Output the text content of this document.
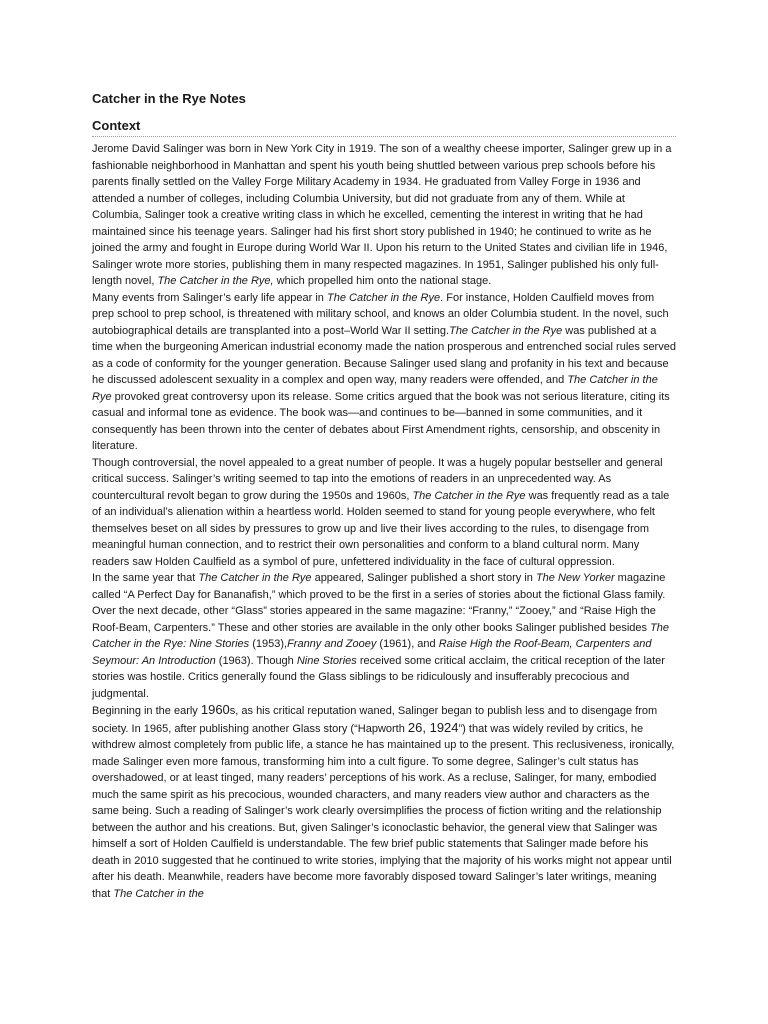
Catcher in the Rye Notes
Context

Jerome David Salinger was born in New York City in 1919. The son of a wealthy cheese importer, Salinger grew up in a fashionable neighborhood in Manhattan and spent his youth being shuttled between various prep schools before his parents finally settled on the Valley Forge Military Academy in 1934. He graduated from Valley Forge in 1936 and attended a number of colleges, including Columbia University, but did not graduate from any of them. While at Columbia, Salinger took a creative writing class in which he excelled, cementing the interest in writing that he had maintained since his teenage years. Salinger had his first short story published in 1940; he continued to write as he joined the army and fought in Europe during World War II. Upon his return to the United States and civilian life in 1946, Salinger wrote more stories, publishing them in many respected magazines. In 1951, Salinger published his only full-length novel, The Catcher in the Rye, which propelled him onto the national stage.

Many events from Salinger’s early life appear in The Catcher in the Rye. For instance, Holden Caulfield moves from prep school to prep school, is threatened with military school, and knows an older Columbia student. In the novel, such autobiographical details are transplanted into a post–World War II setting.The Catcher in the Rye was published at a time when the burgeoning American industrial economy made the nation prosperous and entrenched social rules served as a code of conformity for the younger generation. Because Salinger used slang and profanity in his text and because he discussed adolescent sexuality in a complex and open way, many readers were offended, and The Catcher in the Rye provoked great controversy upon its release. Some critics argued that the book was not serious literature, citing its casual and informal tone as evidence. The book was—and continues to be—banned in some communities, and it consequently has been thrown into the center of debates about First Amendment rights, censorship, and obscenity in literature.

Though controversial, the novel appealed to a great number of people. It was a hugely popular bestseller and general critical success. Salinger’s writing seemed to tap into the emotions of readers in an unprecedented way. As countercultural revolt began to grow during the 1950s and 1960s, The Catcher in the Rye was frequently read as a tale of an individual’s alienation within a heartless world. Holden seemed to stand for young people everywhere, who felt themselves beset on all sides by pressures to grow up and live their lives according to the rules, to disengage from meaningful human connection, and to restrict their own personalities and conform to a bland cultural norm. Many readers saw Holden Caulfield as a symbol of pure, unfettered individuality in the face of cultural oppression.

In the same year that The Catcher in the Rye appeared, Salinger published a short story in The New Yorker magazine called “A Perfect Day for Bananafish,” which proved to be the first in a series of stories about the fictional Glass family. Over the next decade, other “Glass” stories appeared in the same magazine: “Franny,” “Zooey,” and “Raise High the Roof-Beam, Carpenters.” These and other stories are available in the only other books Salinger published besides The Catcher in the Rye: Nine Stories (1953),Franny and Zooey (1961), and Raise High the Roof-Beam, Carpenters and Seymour: An Introduction (1963). Though Nine Stories received some critical acclaim, the critical reception of the later stories was hostile. Critics generally found the Glass siblings to be ridiculously and insufferably precocious and judgmental.

Beginning in the early 1960s, as his critical reputation waned, Salinger began to publish less and to disengage from society. In 1965, after publishing another Glass story (“Hapworth 26, 1924”) that was widely reviled by critics, he withdrew almost completely from public life, a stance he has maintained up to the present. This reclusiveness, ironically, made Salinger even more famous, transforming him into a cult figure. To some degree, Salinger’s cult status has overshadowed, or at least tinged, many readers’ perceptions of his work. As a recluse, Salinger, for many, embodied much the same spirit as his precocious, wounded characters, and many readers view author and characters as the same being. Such a reading of Salinger’s work clearly oversimplifies the process of fiction writing and the relationship between the author and his creations. But, given Salinger’s iconoclastic behavior, the general view that Salinger was himself a sort of Holden Caulfield is understandable. The few brief public statements that Salinger made before his death in 2010 suggested that he continued to write stories, implying that the majority of his works might not appear until after his death. Meanwhile, readers have become more favorably disposed toward Salinger’s later writings, meaning that The Catcher in the
